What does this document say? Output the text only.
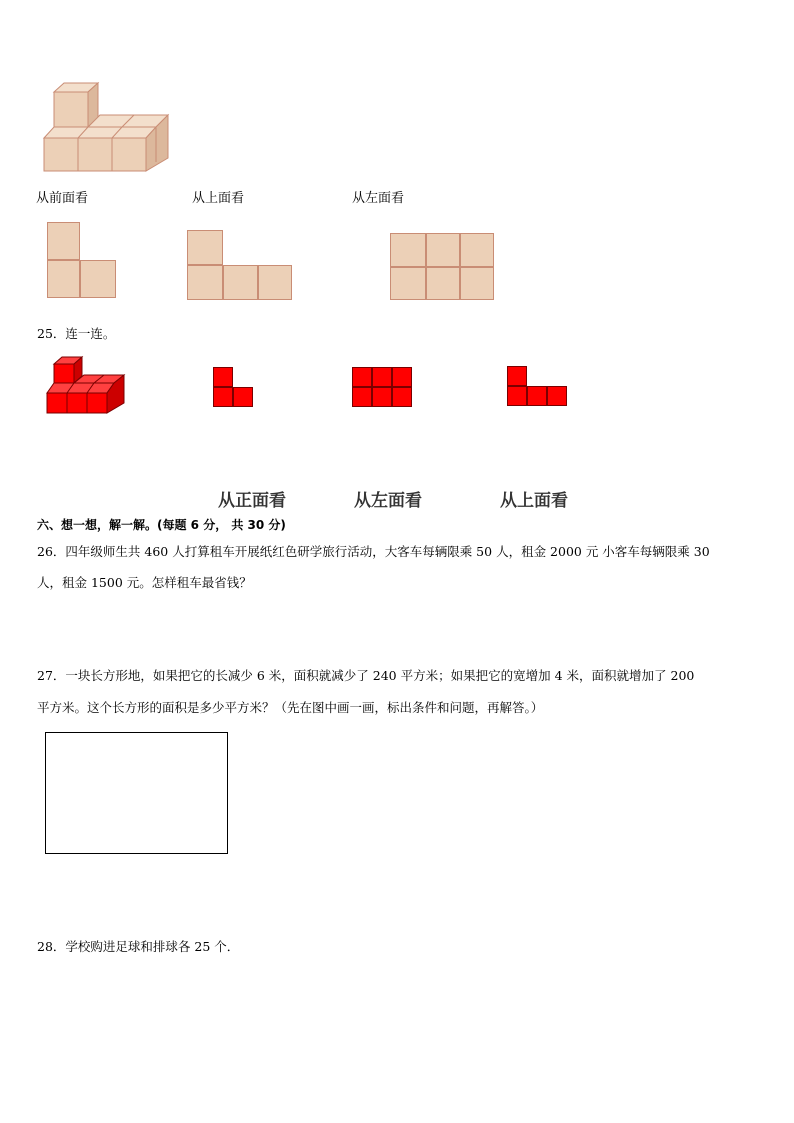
从前面看	从上面看	从左面看
25．连一连。
从正面看	从左面看	从上面看
六、想一想，解一解。(每题 6 分， 共 30 分)
26．四年级师生共 460 人打算租车开展纸红色研学旅行活动，大客车每辆限乘 50 人，租金 2000 元 小客车每辆限乘 30
人，租金 1500 元。怎样租车最省钱？
27．一块长方形地，如果把它的长减少 6 米，面积就减少了 240 平方米；如果把它的宽增加 4 米，面积就增加了 200
平方米。这个长方形的面积是多少平方米？（先在图中画一画，标出条件和问题，再解答。）
28．学校购进足球和排球各 25 个．
